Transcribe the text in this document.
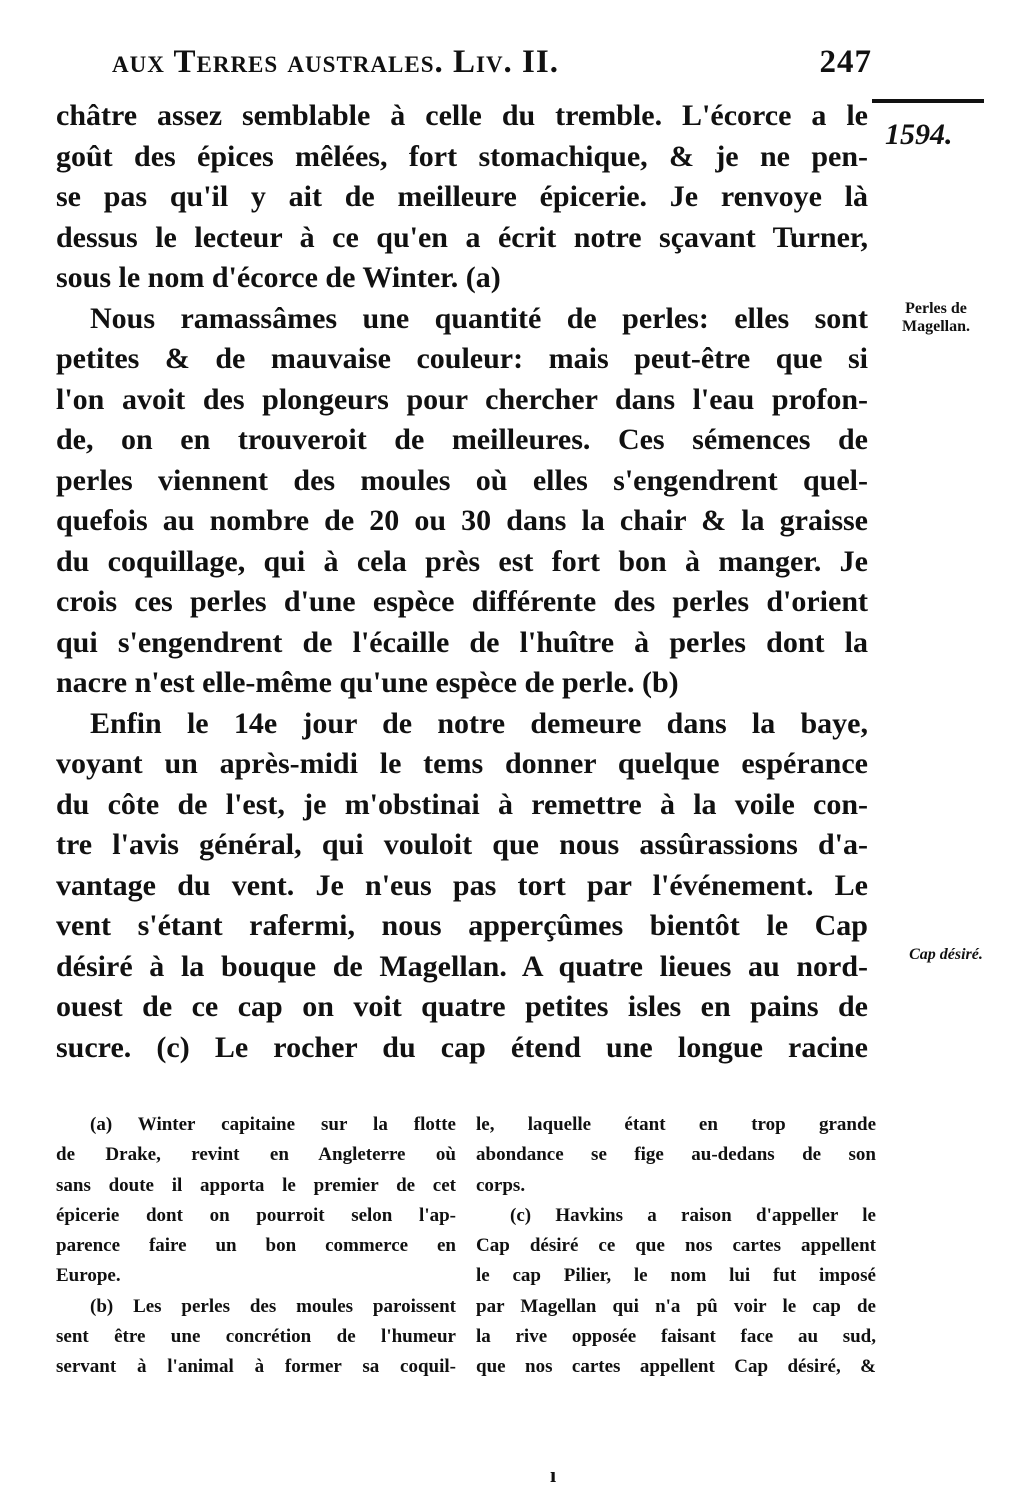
aux Terres australes. Liv. II.	247
1594.
Perles de Magellan.
Cap désiré.
châtre assez semblable à celle du tremble. L'écorce a le
goût des épices mêlées, fort stomachique, & je ne pen-
se pas qu'il y ait de meilleure épicerie. Je renvoye là
dessus le lecteur à ce qu'en a écrit notre sçavant Turner,
sous le nom d'écorce de Winter. (a)
Nous ramassâmes une quantité de perles: elles sont
petites & de mauvaise couleur: mais peut-être que si
l'on avoit des plongeurs pour chercher dans l'eau profon-
de, on en trouveroit de meilleures. Ces sémences de
perles viennent des moules où elles s'engendrent quel-
quefois au nombre de 20 ou 30 dans la chair & la graisse
du coquillage, qui à cela près est fort bon à manger. Je
crois ces perles d'une espèce différente des perles d'orient
qui s'engendrent de l'écaille de l'huître à perles dont la
nacre n'est elle-même qu'une espèce de perle. (b)
Enfin le 14e jour de notre demeure dans la baye,
voyant un après-midi le tems donner quelque espérance
du côte de l'est, je m'obstinai à remettre à la voile con-
tre l'avis général, qui vouloit que nous assûrassions d'a-
vantage du vent. Je n'eus pas tort par l'événement. Le
vent s'étant rafermi, nous apperçûmes bientôt le Cap
désiré à la bouque de Magellan. A quatre lieues au nord-
ouest de ce cap on voit quatre petites isles en pains de
sucre. (c) Le rocher du cap étend une longue racine
(a) Winter capitaine sur la flotte
de Drake, revint en Angleterre où
sans doute il apporta le premier de cet
épicerie dont on pourroit selon l'ap-
parence faire un bon commerce en
Europe.
(b) Les perles des moules paroissent
sent être une concrétion de l'humeur
servant à l'animal à former sa coquil-
le, laquelle étant en trop grande
abondance se fige au-dedans de son
corps.
(c) Havkins a raison d'appeller le
Cap désiré ce que nos cartes appellent
le cap Pilier, le nom lui fut imposé
par Magellan qui n'a pû voir le cap de
la rive opposée faisant face au sud,
que nos cartes appellent Cap désiré, &
ı
